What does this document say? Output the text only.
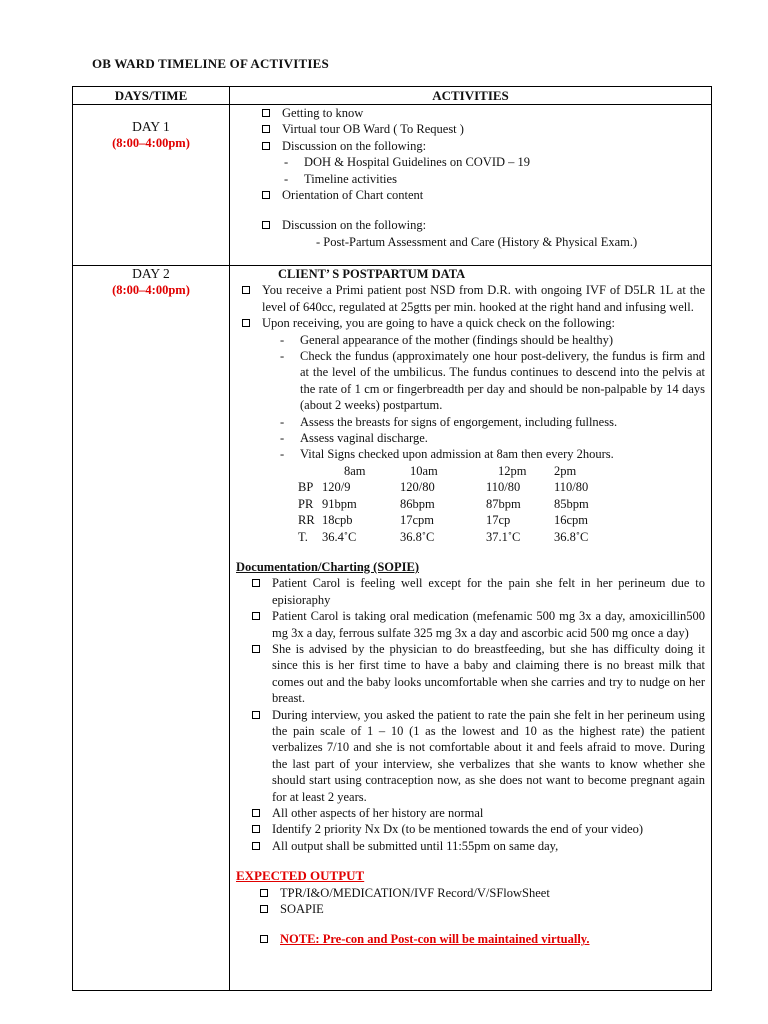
OB WARD TIMELINE OF ACTIVITIES
DAYS/TIME	ACTIVITIES

DAY 1
(8:00–4:00pm)

Getting to know
Virtual tour OB Ward ( To Request )
Discussion on the following:
- DOH & Hospital Guidelines on COVID – 19
- Timeline activities
Orientation of Chart content
Discussion on the following:
- Post-Partum Assessment and Care (History & Physical Exam.)

DAY 2
(8:00–4:00pm)

CLIENT’ S POSTPARTUM DATA
You receive a Primi patient post NSD from D.R. with ongoing IVF of D5LR 1L at the level of 640cc, regulated at 25gtts per min. hooked at the right hand and infusing well.
Upon receiving, you are going to have a quick check on the following:
- General appearance of the mother (findings should be healthy)
- Check the fundus (approximately one hour post-delivery, the fundus is firm and at the level of the umbilicus. The fundus continues to descend into the pelvis at the rate of 1 cm or fingerbreadth per day and should be non-palpable by 14 days (about 2 weeks) postpartum.
- Assess the breasts for signs of engorgement, including fullness.
- Assess vaginal discharge.
- Vital Signs checked upon admission at 8am then every 2hours.
	8am	10am	12pm	2pm
BP	120/9	120/80	110/80	110/80
PR	91bpm	86bpm	87bpm	85bpm
RR	18cpb	17cpm	17cp	16cpm
T.	36.4˚C	36.8˚C	37.1˚C	36.8˚C
Documentation/Charting (SOPIE)
Patient Carol is feeling well except for the pain she felt in her perineum due to episioraphy
Patient Carol is taking oral medication (mefenamic 500 mg 3x a day, amoxicillin500 mg 3x a day, ferrous sulfate 325 mg 3x a day and ascorbic acid 500 mg once a day)
She is advised by the physician to do breastfeeding, but she has difficulty doing it since this is her first time to have a baby and claiming there is no breast milk that comes out and the baby looks uncomfortable when she carries and try to nudge on her breast.
During interview, you asked the patient to rate the pain she felt in her perineum using the pain scale of 1 – 10 (1 as the lowest and 10 as the highest rate) the patient verbalizes 7/10 and she is not comfortable about it and feels afraid to move. During the last part of your interview, she verbalizes that she wants to know whether she should start using contraception now, as she does not want to become pregnant again for at least 2 years.
All other aspects of her history are normal
Identify 2 priority Nx Dx (to be mentioned towards the end of your video)
All output shall be submitted until 11:55pm on same day,
EXPECTED OUTPUT
TPR/I&O/MEDICATION/IVF Record/V/SFlowSheet
SOAPIE
NOTE: Pre-con and Post-con will be maintained virtually.
